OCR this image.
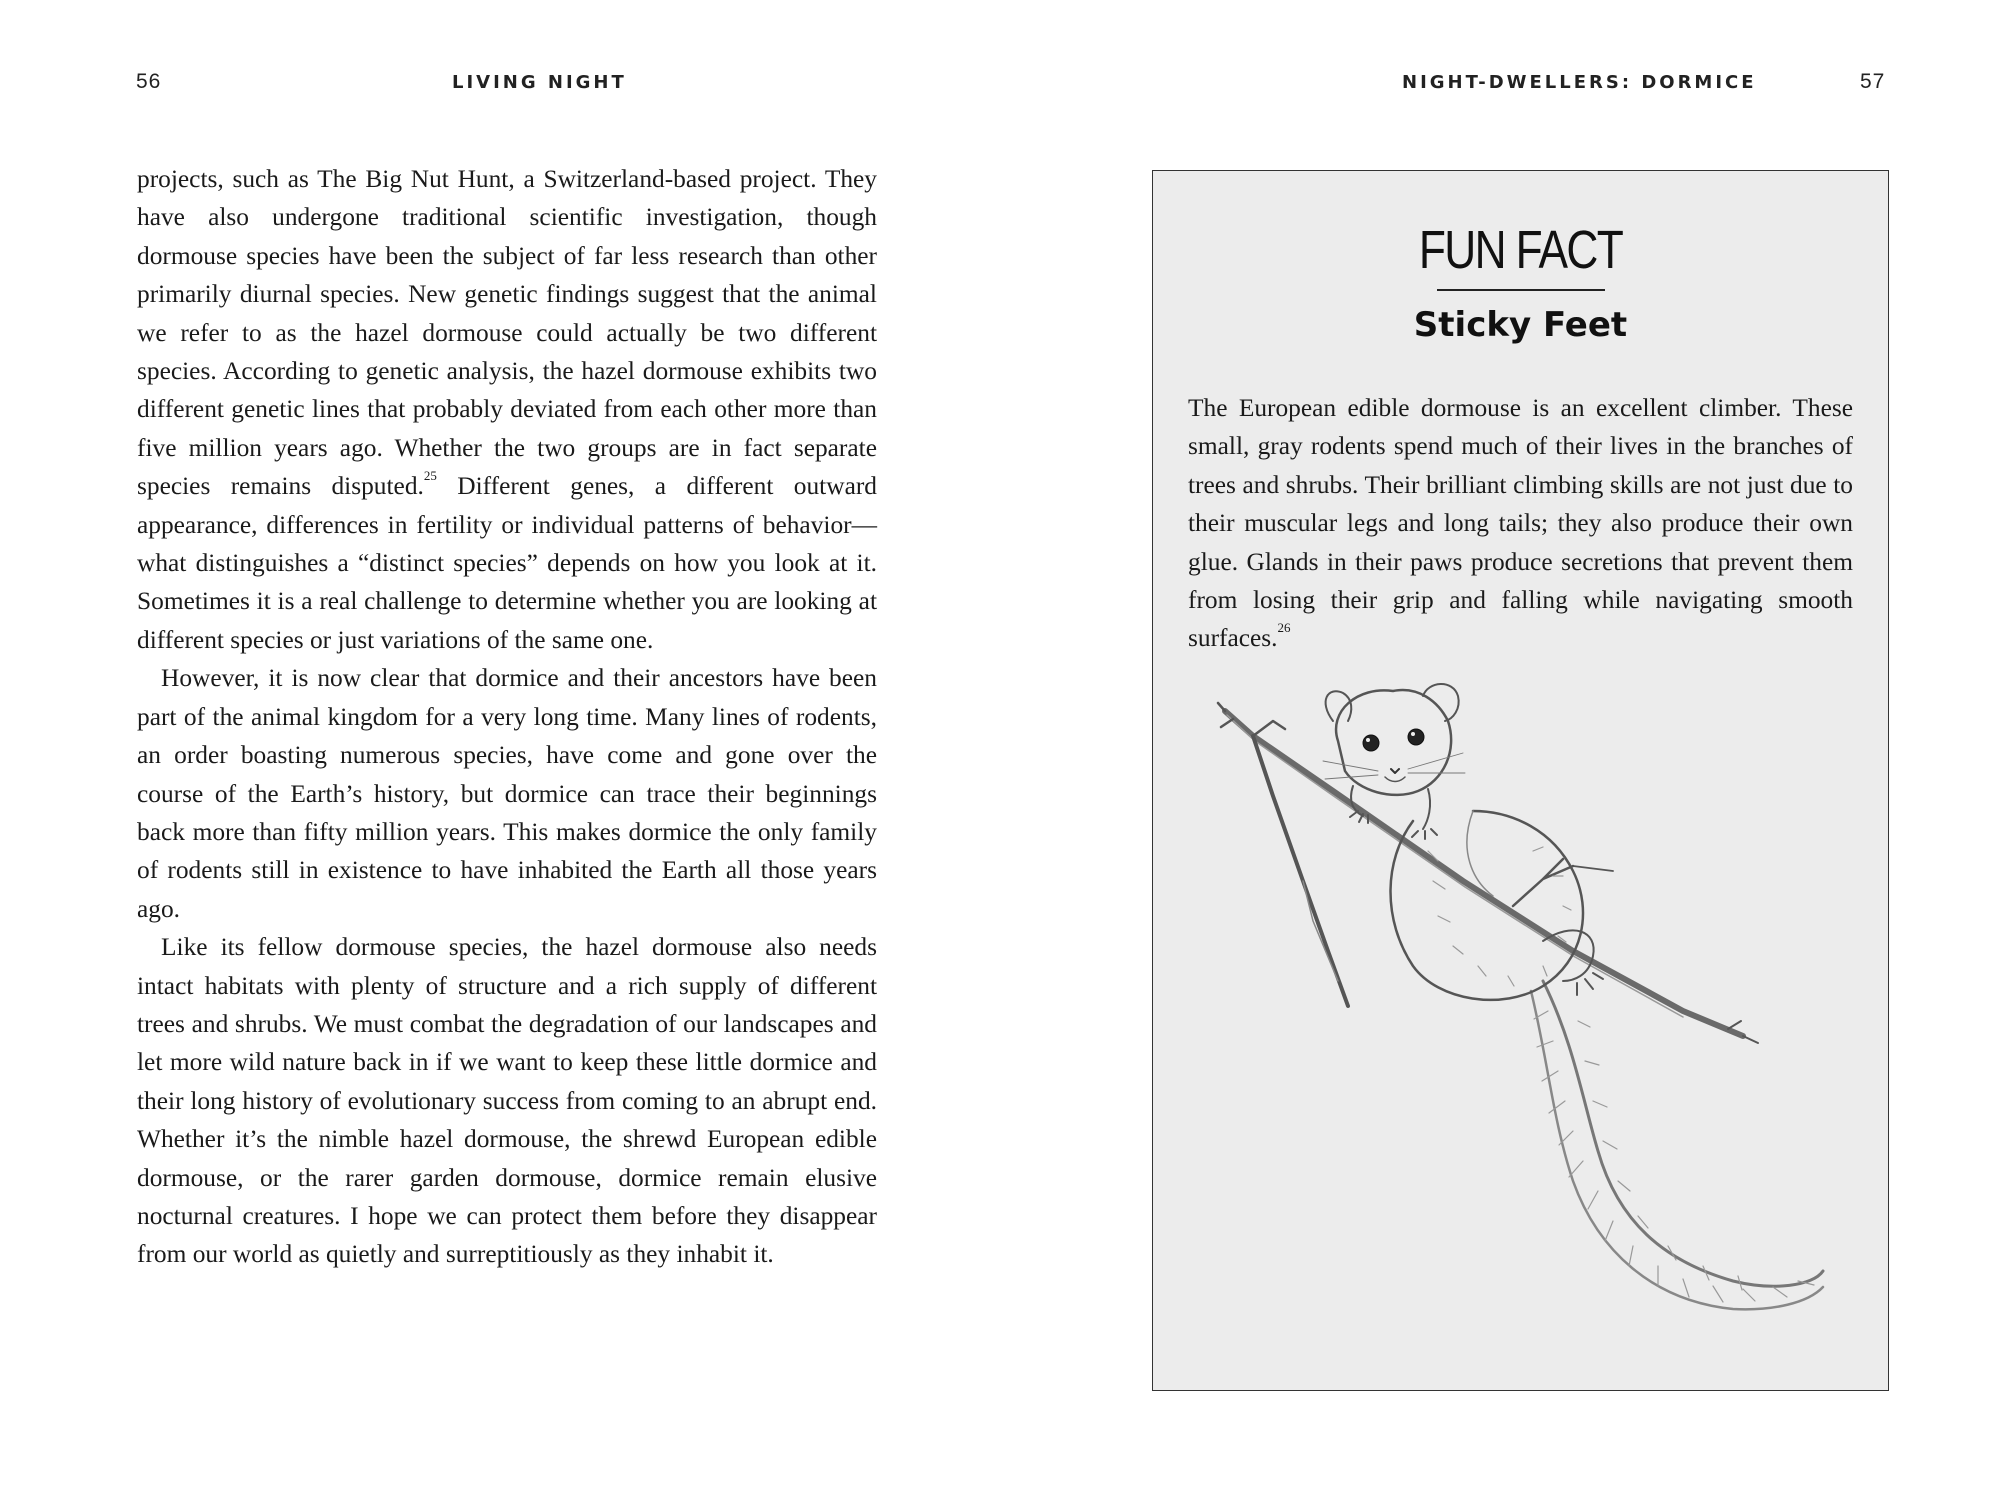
56	LIVING NIGHT

projects, such as The Big Nut Hunt, a Switzerland-based project. They have also undergone traditional scientific investigation, though dormouse species have been the subject of far less research than other primarily diurnal species. New genetic findings suggest that the animal we refer to as the hazel dormouse could actually be two different species. According to genetic analysis, the hazel dormouse exhibits two different genetic lines that probably deviated from each other more than five million years ago. Whether the two groups are in fact separate species remains disputed.$^{25}$ Different genes, a different outward appearance, differences in fertility or individual patterns of behavior—what distinguishes a “distinct species” depends on how you look at it. Sometimes it is a real challenge to determine whether you are looking at different species or just variations of the same one.

However, it is now clear that dormice and their ancestors have been part of the animal kingdom for a very long time. Many lines of rodents, an order boasting numerous species, have come and gone over the course of the Earth’s history, but dormice can trace their beginnings back more than fifty million years. This makes dormice the only family of rodents still in existence to have inhabited the Earth all those years ago.

Like its fellow dormouse species, the hazel dormouse also needs intact habitats with plenty of structure and a rich supply of different trees and shrubs. We must combat the degradation of our landscapes and let more wild nature back in if we want to keep these little dormice and their long history of evolutionary success from coming to an abrupt end. Whether it’s the nimble hazel dormouse, the shrewd European edible dormouse, or the rarer garden dormouse, dormice remain elusive nocturnal creatures. I hope we can protect them before they disappear from our world as quietly and surreptitiously as they inhabit it.

NIGHT-DWELLERS: DORMICE	57
FUN FACT
Sticky Feet

The European edible dormouse is an excellent climber. These small, gray rodents spend much of their lives in the branches of trees and shrubs. Their brilliant climbing skills are not just due to their muscular legs and long tails; they also produce their own glue. Glands in their paws produce secretions that prevent them from losing their grip and falling while navigating smooth surfaces.$^{26}$
